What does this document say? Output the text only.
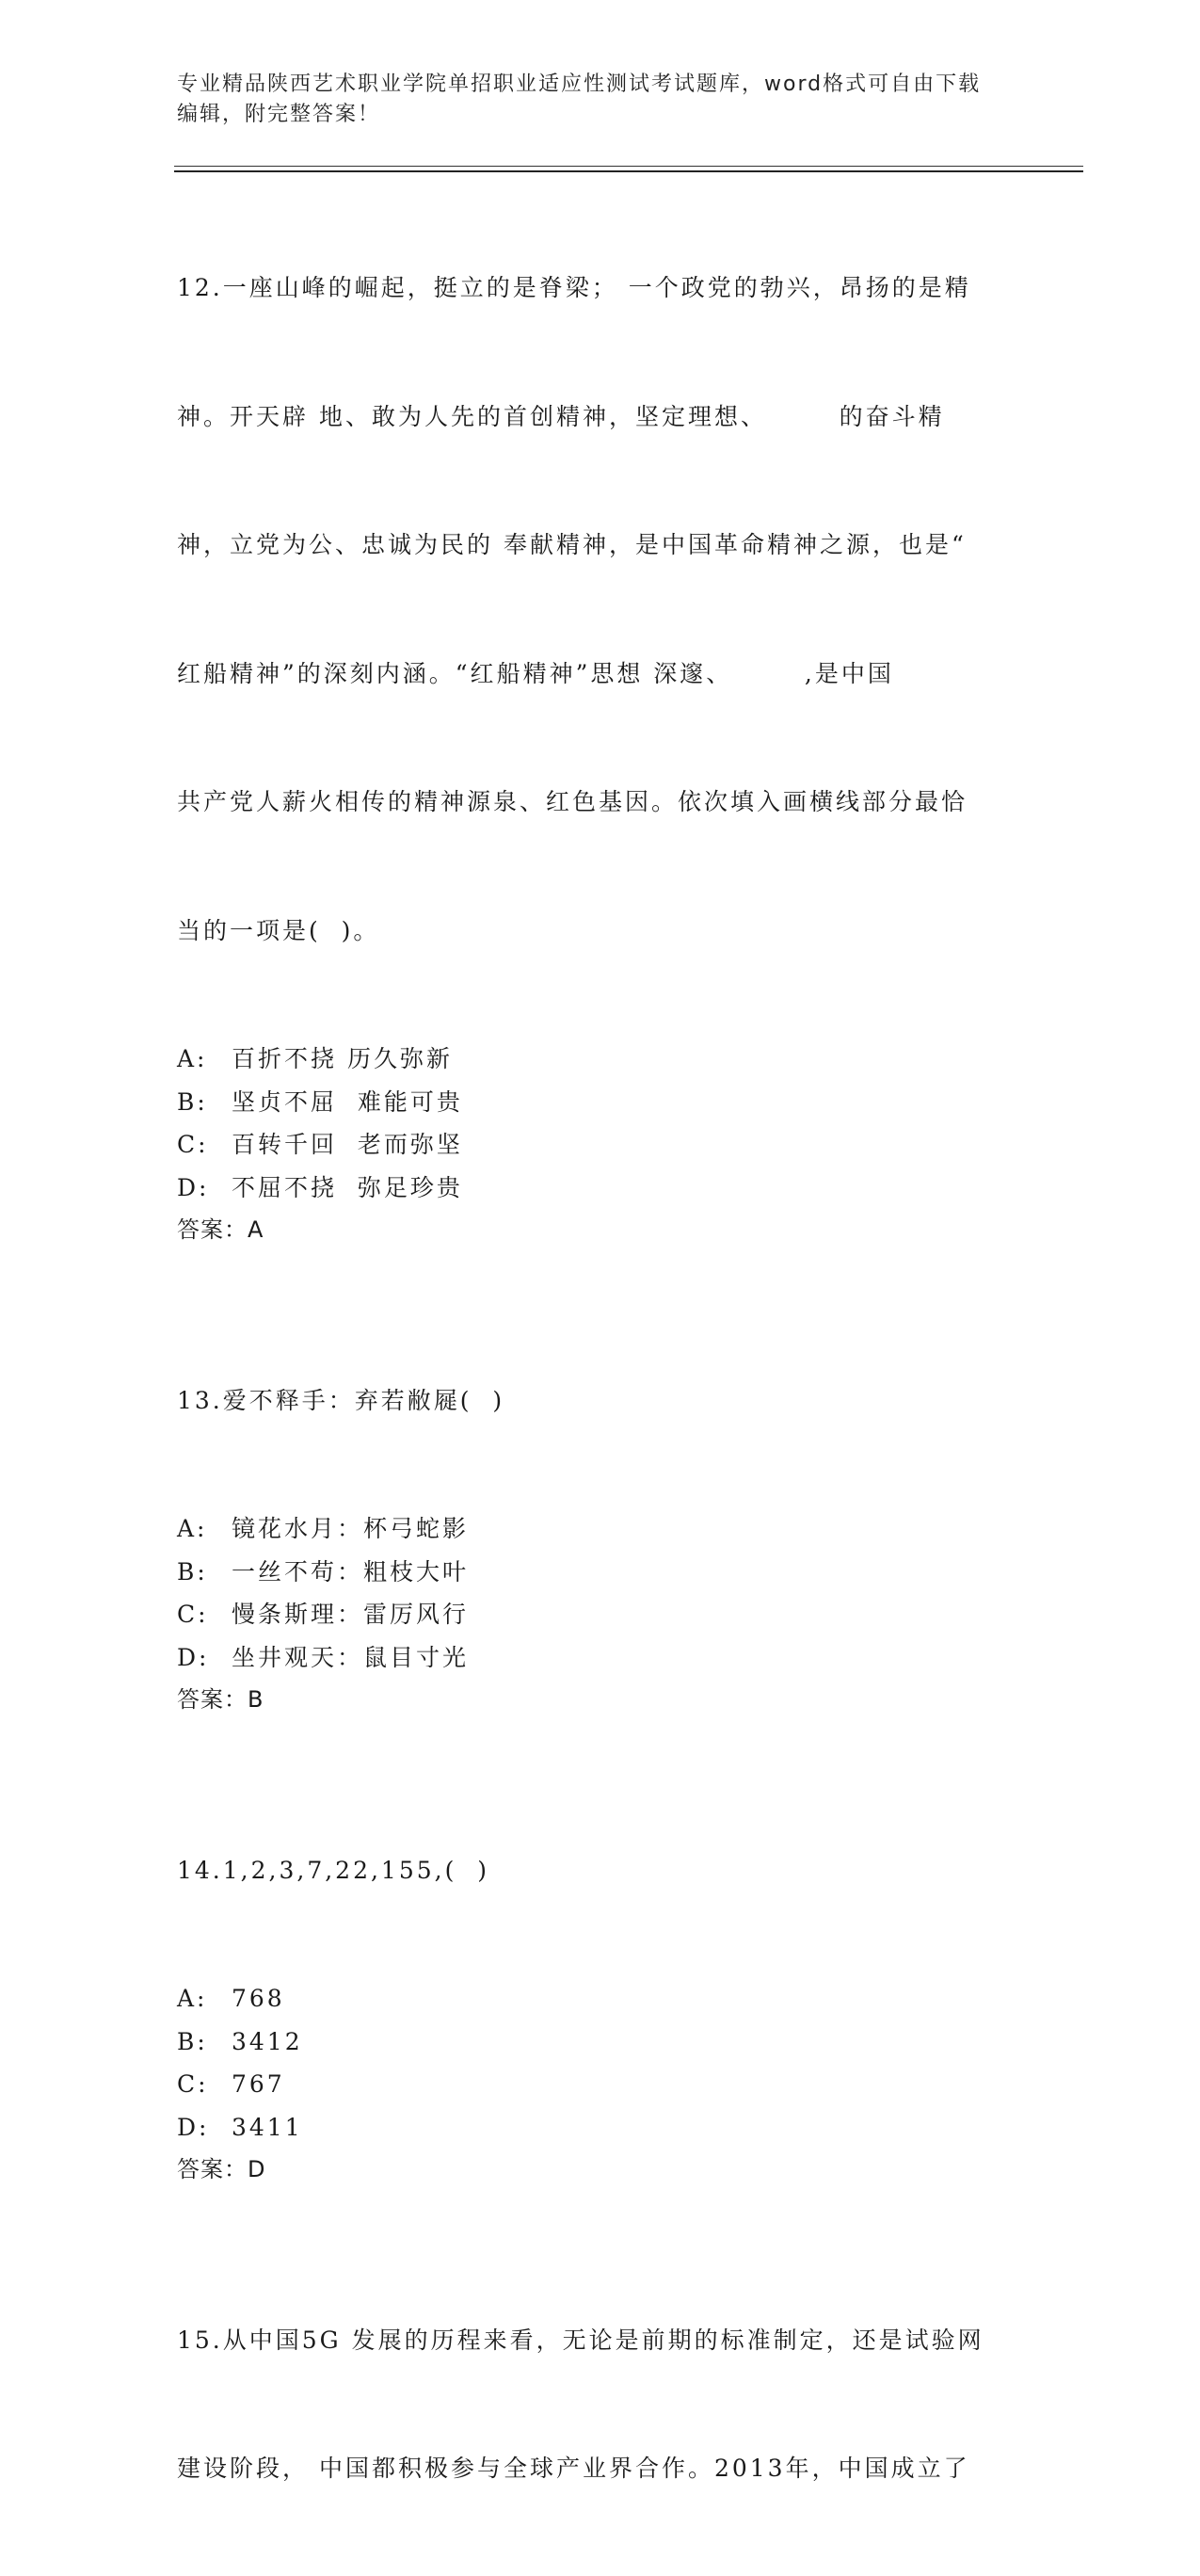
专业精品陕西艺术职业学院单招职业适应性测试考试题库，word格式可自由下载
编辑，附完整答案！

12.一座山峰的崛起，挺立的是脊梁； 一个政党的勃兴，昂扬的是精

神。开天辟 地、敢为人先的首创精神，坚定理想、       的奋斗精

神，立党为公、忠诚为民的 奉献精神，是中国革命精神之源，也是“

红船精神”的深刻内涵。“红船精神”思想 深邃、       ,是中国

共产党人薪火相传的精神源泉、红色基因。依次填入画横线部分最恰

当的一项是(  )。

A: 百折不挠 历久弥新
B: 坚贞不屈  难能可贵
C: 百转千回  老而弥坚
D: 不屈不挠  弥足珍贵
答案：A

13.爱不释手：弃若敝屣(  )

A: 镜花水月：杯弓蛇影
B: 一丝不苟：粗枝大叶
C: 慢条斯理：雷厉风行
D: 坐井观天：鼠目寸光
答案：B

14.1,2,3,7,22,155,(  )

A: 768
B: 3412
C: 767
D: 3411
答案：D

15.从中国5G 发展的历程来看，无论是前期的标准制定，还是试验网

建设阶段， 中国都积极参与全球产业界合作。2013年，中国成立了
